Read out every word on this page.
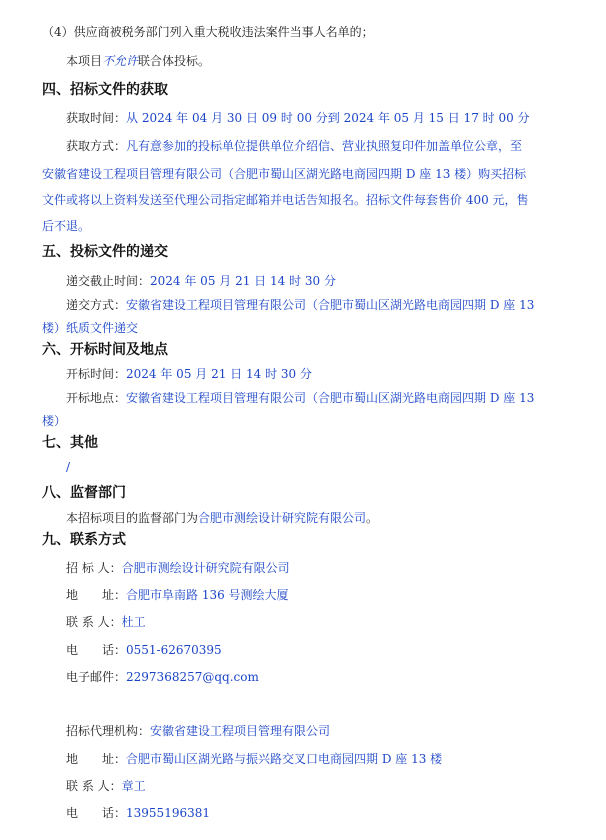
（4）供应商被税务部门列入重大税收违法案件当事人名单的；
本项目不允许联合体投标。
四、招标文件的获取
获取时间：从 2024 年 04 月 30 日 09 时 00 分到 2024 年 05 月 15 日 17 时 00 分
获取方式：凡有意参加的投标单位提供单位介绍信、营业执照复印件加盖单位公章，至
安徽省建设工程项目管理有限公司（合肥市蜀山区湖光路电商园四期 D 座 13 楼）购买招标
文件或将以上资料发送至代理公司指定邮箱并电话告知报名。招标文件每套售价 400 元，售
后不退。
五、投标文件的递交
递交截止时间：2024 年 05 月 21 日 14 时 30 分
递交方式：安徽省建设工程项目管理有限公司（合肥市蜀山区湖光路电商园四期 D 座 13
楼）纸质文件递交
六、开标时间及地点
开标时间：2024 年 05 月 21 日 14 时 30 分
开标地点：安徽省建设工程项目管理有限公司（合肥市蜀山区湖光路电商园四期 D 座 13
楼）
七、其他
/
八、监督部门
本招标项目的监督部门为合肥市测绘设计研究院有限公司。
九、联系方式
招 标 人：合肥市测绘设计研究院有限公司
地　　址：合肥市阜南路 136 号测绘大厦
联 系 人：杜工
电　　话：0551-62670395
电子邮件：2297368257@qq.com
招标代理机构：安徽省建设工程项目管理有限公司
地　　址：合肥市蜀山区湖光路与振兴路交叉口电商园四期 D 座 13 楼
联 系 人：章工
电　　话：13955196381
